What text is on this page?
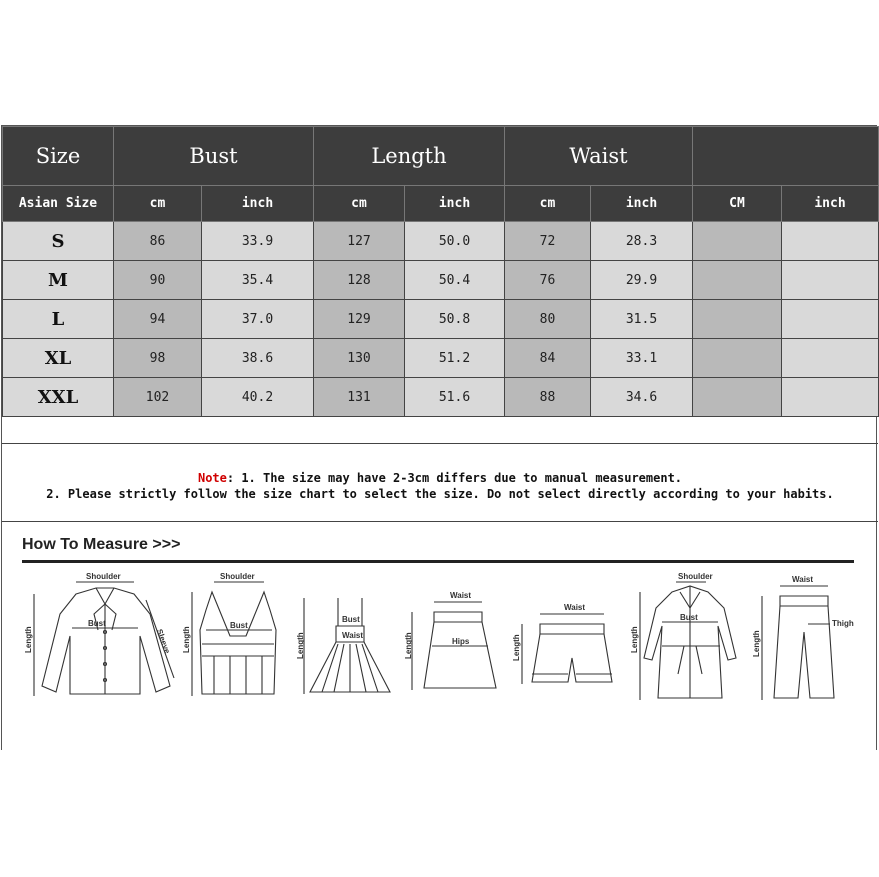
Size	Bust		Length		Waist			
Asian Size	cm	inch	cm	inch	cm	inch	CM	inch
S	86	33.9	127	50.0	72	28.3		
M	90	35.4	128	50.4	76	29.9		
L	94	37.0	129	50.8	80	31.5		
XL	98	38.6	130	51.2	84	33.1		
XXL	102	40.2	131	51.6	88	34.6		
Note: 1. The size may have 2-3cm differs due to manual measurement.
2. Please strictly follow the size chart to select the size. Do not select directly according to your habits.
How To Measure >>>
Shoulder
Bust
Length	Sleeve
Shoulder
Bust
Length
Bust
Waist
Length
Waist
Hips
Length
Waist
Length
Shoulder
Bust
Length
Waist
Thigh
Length
